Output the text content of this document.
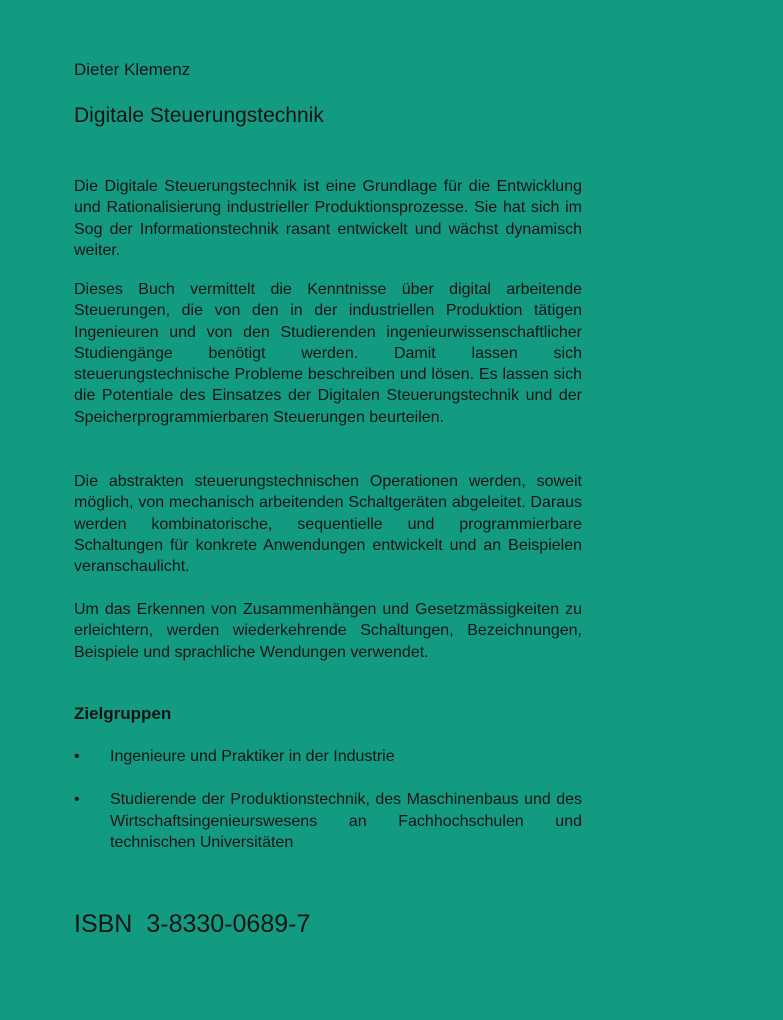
Dieter Klemenz
Digitale Steuerungstechnik

Die Digitale Steuerungstechnik ist eine Grundlage für die Entwicklung und Rationalisierung industrieller Produktionsprozesse. Sie hat sich im Sog der Informationstechnik rasant entwickelt und wächst dynamisch weiter.

Dieses Buch vermittelt die Kenntnisse über digital arbeitende Steuerungen, die von den in der industriellen Produktion tätigen Ingenieuren und von den Studierenden ingenieurwissenschaftlicher Studiengänge benötigt werden. Damit lassen sich steuerungstechnische Probleme beschreiben und lösen. Es lassen sich die Potentiale des Einsatzes der Digitalen Steuerungstechnik und der Speicherprogrammierbaren Steuerungen beurteilen.

Die abstrakten steuerungstechnischen Operationen werden, soweit möglich, von mechanisch arbeitenden Schaltgeräten abgeleitet. Daraus werden kombinatorische, sequentielle und programmierbare Schaltungen für konkrete Anwendungen entwickelt und an Beispielen veranschaulicht.

Um das Erkennen von Zusammenhängen und Gesetzmässigkeiten zu erleichtern, werden wiederkehrende Schaltungen, Bezeichnungen, Beispiele und sprachliche Wendungen verwendet.

Zielgruppen
• Ingenieure und Praktiker in der Industrie
• Studierende der Produktionstechnik, des Maschinenbaus und des Wirtschaftsingenieurswesens an Fachhochschulen und technischen Universitäten
ISBN 3-8330-0689-7
